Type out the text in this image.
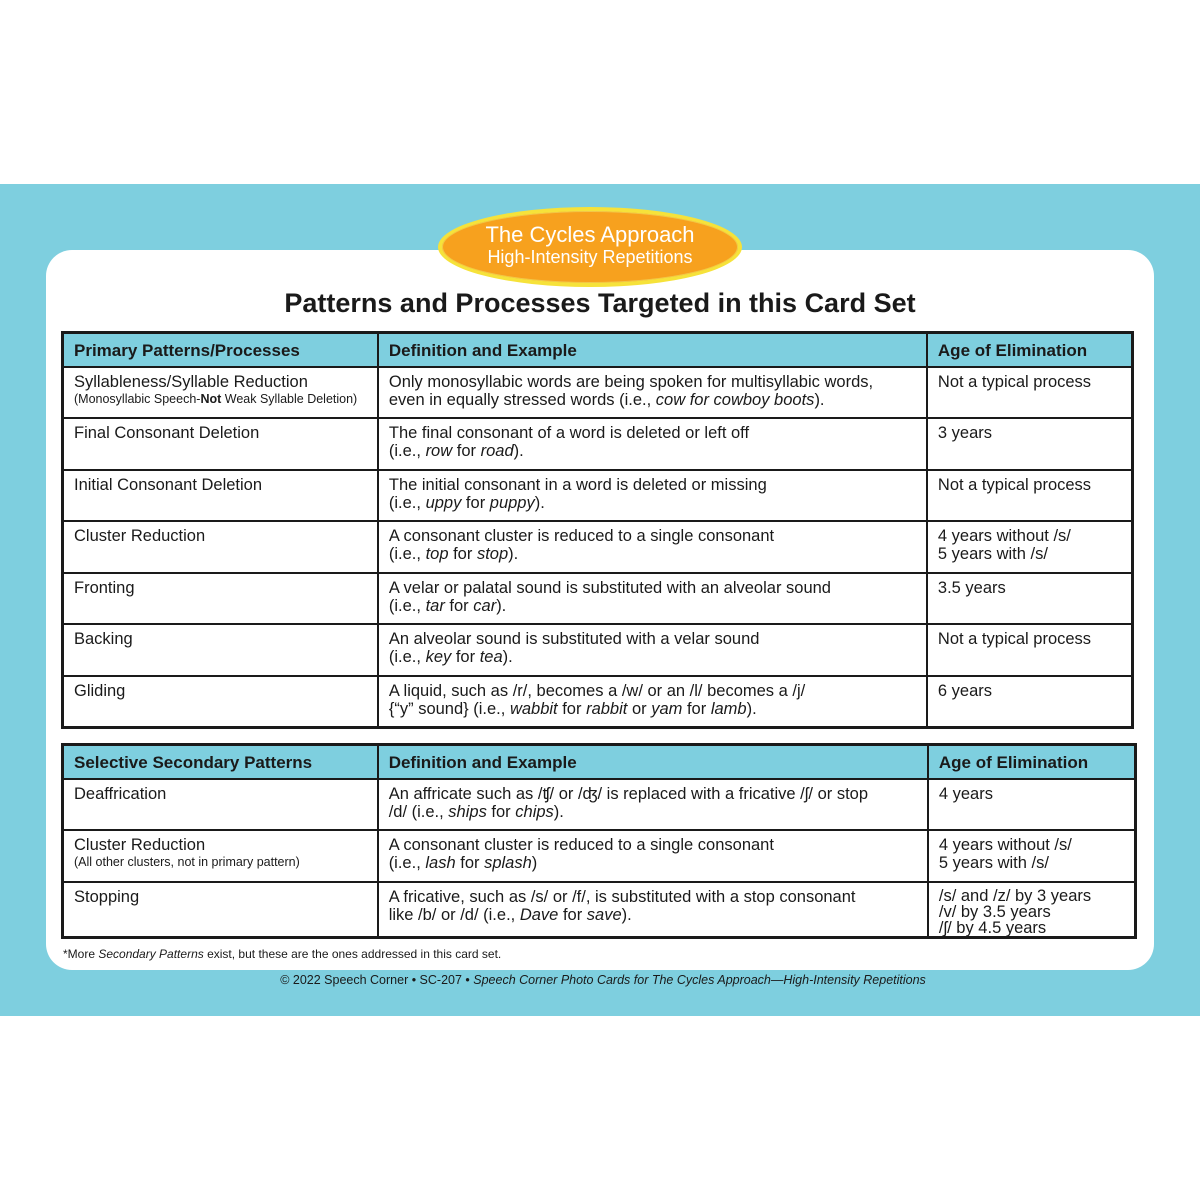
The Cycles Approach
High-Intensity Repetitions
Patterns and Processes Targeted in this Card Set
Primary Patterns/Processes	Definition and Example	Age of Elimination
Syllableness/Syllable Reduction
(Monosyllabic Speech-Not Weak Syllable Deletion)	Only monosyllabic words are being spoken for multisyllabic words,
even in equally stressed words (i.e., cow for cowboy boots).	Not a typical process
Final Consonant Deletion	The final consonant of a word is deleted or left off
(i.e., row for road).	3 years
Initial Consonant Deletion	The initial consonant in a word is deleted or missing
(i.e., uppy for puppy).	Not a typical process
Cluster Reduction	A consonant cluster is reduced to a single consonant
(i.e., top for stop).	4 years without /s/
5 years with /s/
Fronting	A velar or palatal sound is substituted with an alveolar sound
(i.e., tar for car).	3.5 years
Backing	An alveolar sound is substituted with a velar sound
(i.e., key for tea).	Not a typical process
Gliding	A liquid, such as /r/, becomes a /w/ or an /l/ becomes a /j/
{“y” sound} (i.e., wabbit for rabbit or yam for lamb).	6 years
Selective Secondary Patterns	Definition and Example	Age of Elimination
Deaffrication	An affricate such as /ʧ/ or /ʤ/ is replaced with a fricative /ʃ/ or stop
/d/ (i.e., ships for chips).	4 years
Cluster Reduction
(All other clusters, not in primary pattern)	A consonant cluster is reduced to a single consonant
(i.e., lash for splash)	4 years without /s/
5 years with /s/
Stopping	A fricative, such as /s/ or /f/, is substituted with a stop consonant
like /b/ or /d/ (i.e., Dave for save).	/s/ and /z/ by 3 years
/v/ by 3.5 years
/ʃ/ by 4.5 years
*More Secondary Patterns exist, but these are the ones addressed in this card set.
© 2022 Speech Corner • SC-207 • Speech Corner Photo Cards for The Cycles Approach—High-Intensity Repetitions
